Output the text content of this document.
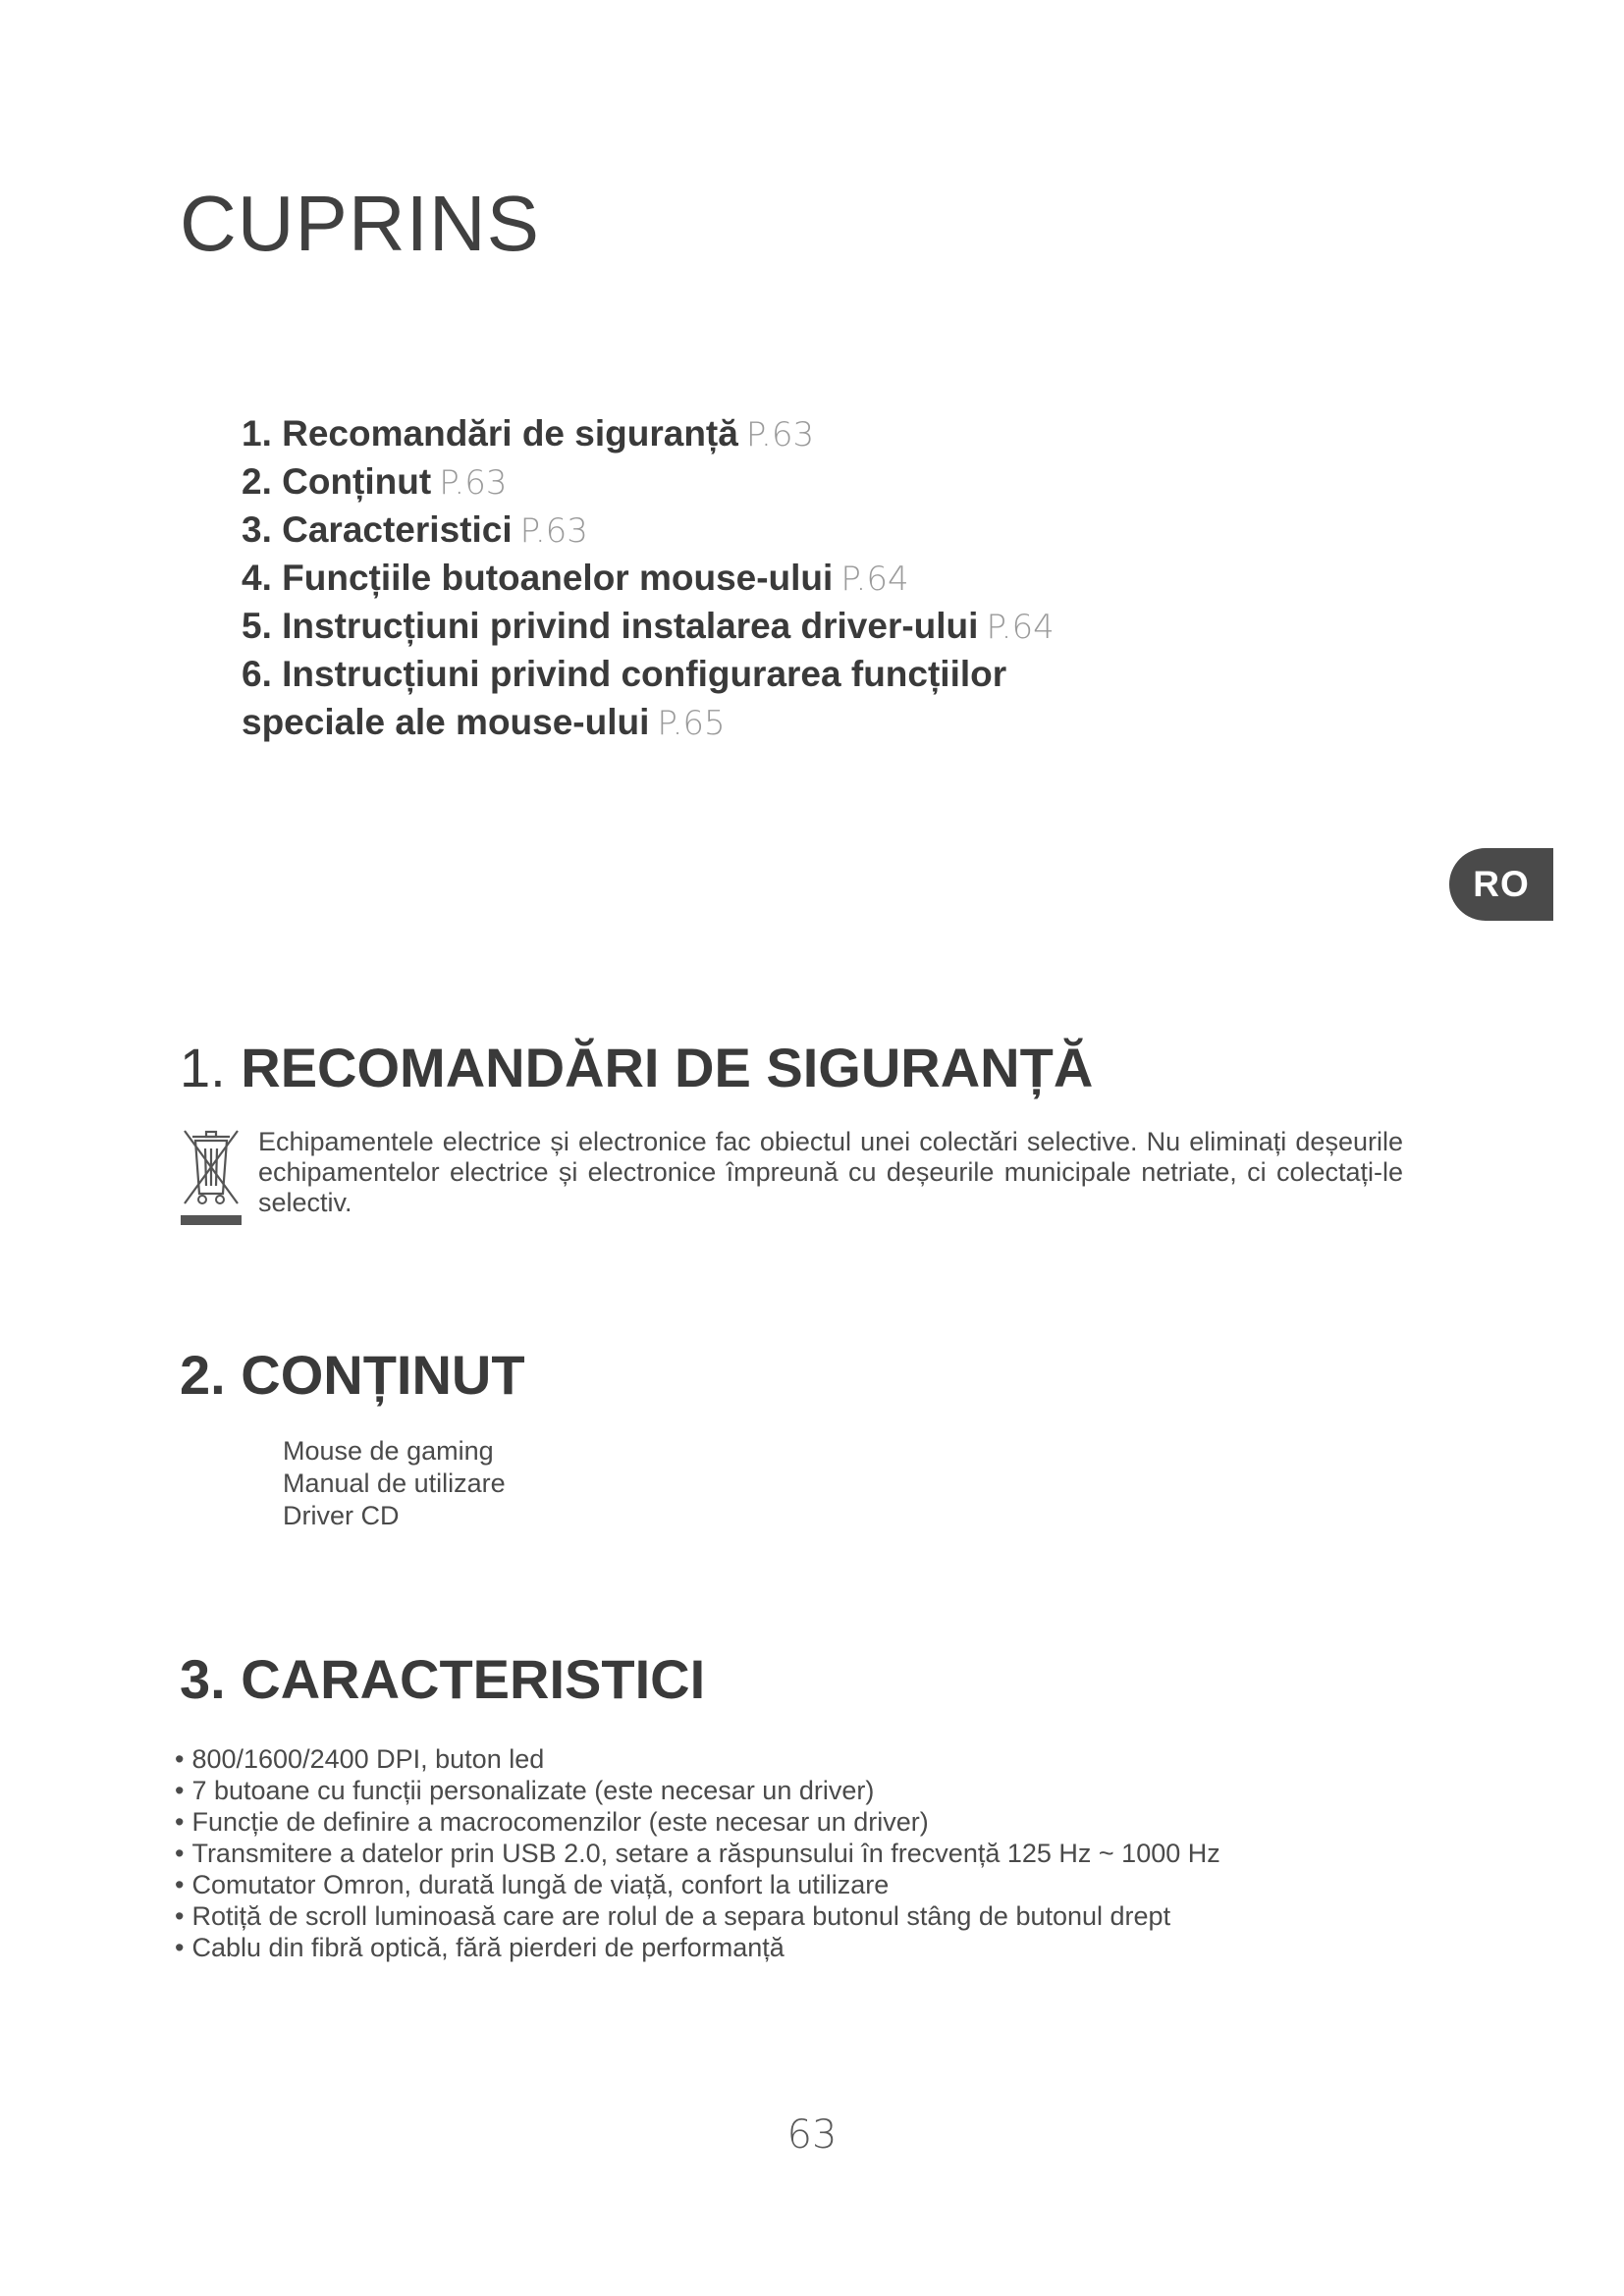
CUPRINS
1. Recomandări de siguranță P.63
2. Conținut P.63
3. Caracteristici P.63
4. Funcțiile butoanelor mouse-ului P.64
5. Instrucțiuni privind instalarea driver-ului P.64
6. Instrucțiuni privind configurarea funcțiilor
speciale ale mouse-ului P.65
RO
1. RECOMANDĂRI DE SIGURANȚĂ
Echipamentele electrice și electronice fac obiectul unei colectări selective. Nu eliminați deșeurile echipamentelor electrice și electronice împreună cu deșeurile municipale netriate, ci colectați-le selectiv.
2. CONȚINUT
Mouse de gaming
Manual de utilizare
Driver CD
3. CARACTERISTICI
• 800/1600/2400 DPI, buton led
• 7 butoane cu funcții personalizate (este necesar un driver)
• Funcție de definire a macrocomenzilor (este necesar un driver)
• Transmitere a datelor prin USB 2.0, setare a răspunsului în frecvență 125 Hz ~ 1000 Hz
• Comutator Omron, durată lungă de viață, confort la utilizare
• Rotiță de scroll luminoasă care are rolul de a separa butonul stâng de butonul drept
• Cablu din fibră optică, fără pierderi de performanță
63
